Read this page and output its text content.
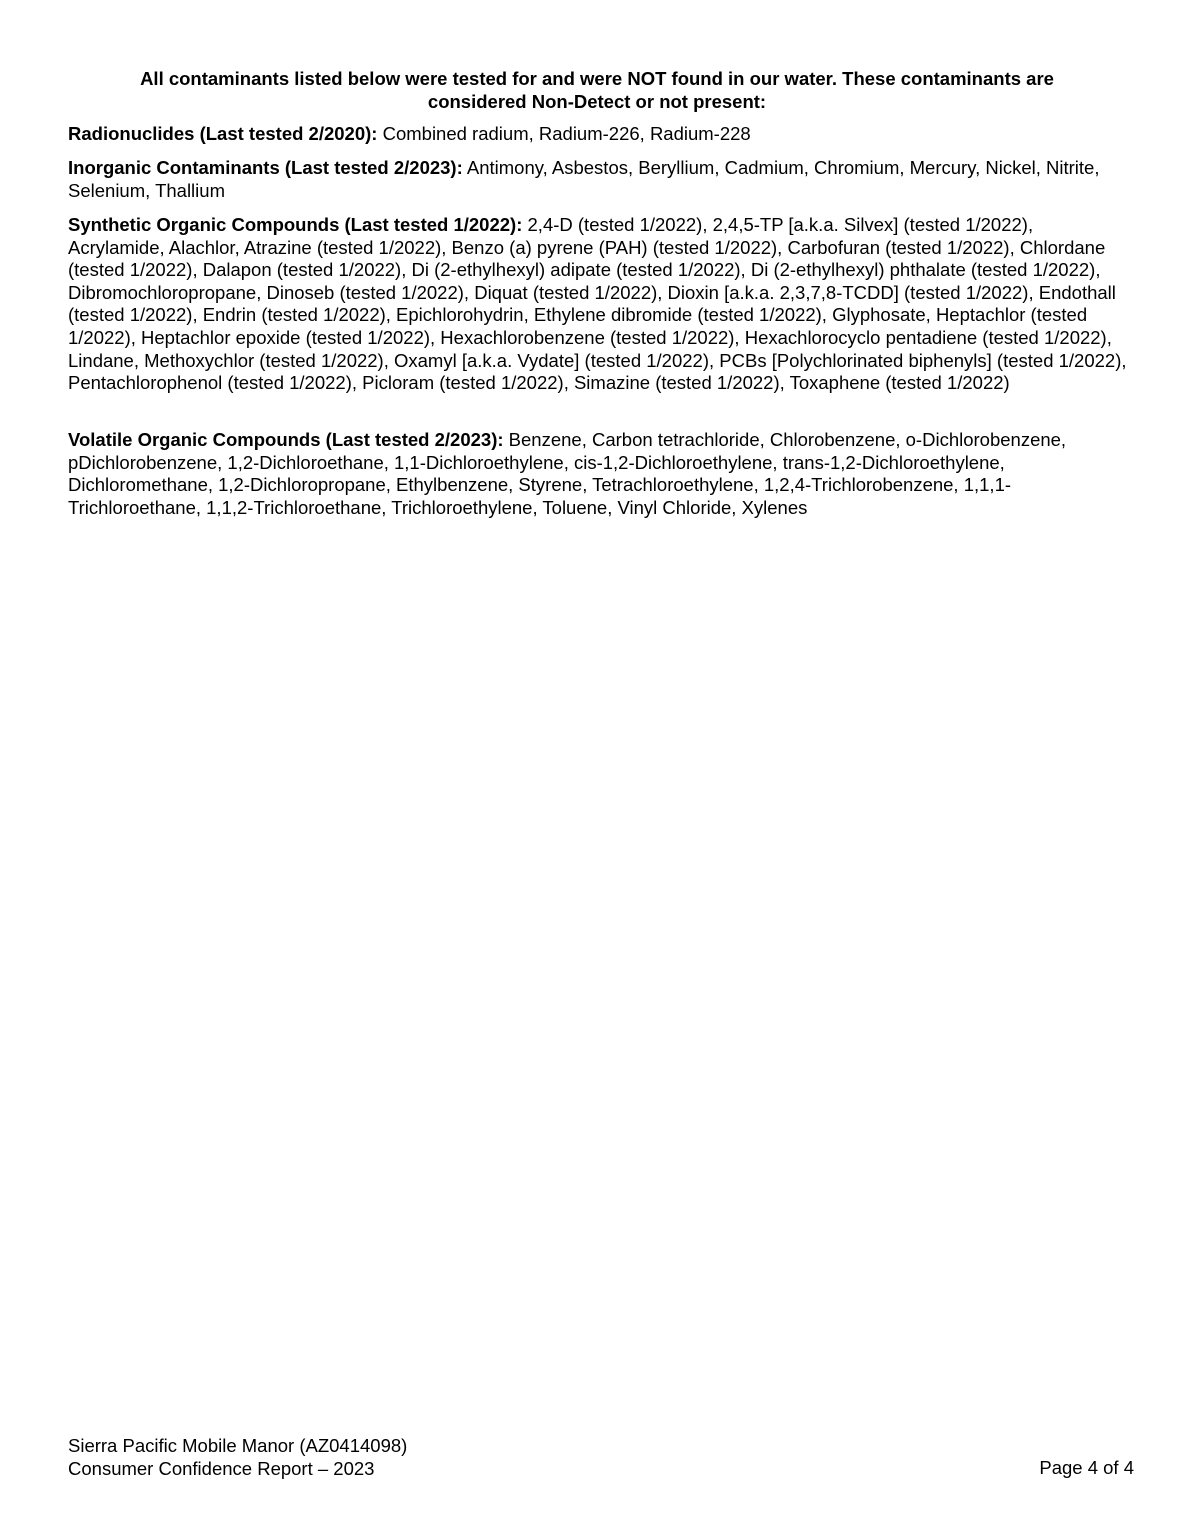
All contaminants listed below were tested for and were NOT found in our water. These contaminants are
considered Non-Detect or not present:
Radionuclides (Last tested 2/2020): Combined radium, Radium-226, Radium-228
Inorganic Contaminants (Last tested 2/2023): Antimony, Asbestos, Beryllium, Cadmium, Chromium, Mercury, Nickel, Nitrite, Selenium, Thallium
Synthetic Organic Compounds (Last tested 1/2022): 2,4-D (tested 1/2022), 2,4,5-TP [a.k.a. Silvex] (tested 1/2022), Acrylamide, Alachlor, Atrazine (tested 1/2022), Benzo (a) pyrene (PAH) (tested 1/2022), Carbofuran (tested 1/2022), Chlordane (tested 1/2022), Dalapon (tested 1/2022), Di (2-ethylhexyl) adipate (tested 1/2022), Di (2-ethylhexyl) phthalate (tested 1/2022), Dibromochloropropane, Dinoseb (tested 1/2022), Diquat (tested 1/2022), Dioxin [a.k.a. 2,3,7,8-TCDD] (tested 1/2022), Endothall (tested 1/2022), Endrin (tested 1/2022), Epichlorohydrin, Ethylene dibromide (tested 1/2022), Glyphosate, Heptachlor (tested 1/2022), Heptachlor epoxide (tested 1/2022), Hexachlorobenzene (tested 1/2022), Hexachlorocyclo pentadiene (tested 1/2022), Lindane, Methoxychlor (tested 1/2022), Oxamyl [a.k.a. Vydate] (tested 1/2022), PCBs [Polychlorinated biphenyls] (tested 1/2022), Pentachlorophenol (tested 1/2022), Picloram (tested 1/2022), Simazine (tested 1/2022), Toxaphene (tested 1/2022)
Volatile Organic Compounds (Last tested 2/2023): Benzene, Carbon tetrachloride, Chlorobenzene, o-Dichlorobenzene, pDichlorobenzene, 1,2-Dichloroethane, 1,1-Dichloroethylene, cis-1,2-Dichloroethylene, trans-1,2-Dichloroethylene, Dichloromethane, 1,2-Dichloropropane, Ethylbenzene, Styrene, Tetrachloroethylene, 1,2,4-Trichlorobenzene, 1,1,1-Trichloroethane, 1,1,2-Trichloroethane, Trichloroethylene, Toluene, Vinyl Chloride, Xylenes
Sierra Pacific Mobile Manor (AZ0414098)
Consumer Confidence Report – 2023	Page 4 of 4
